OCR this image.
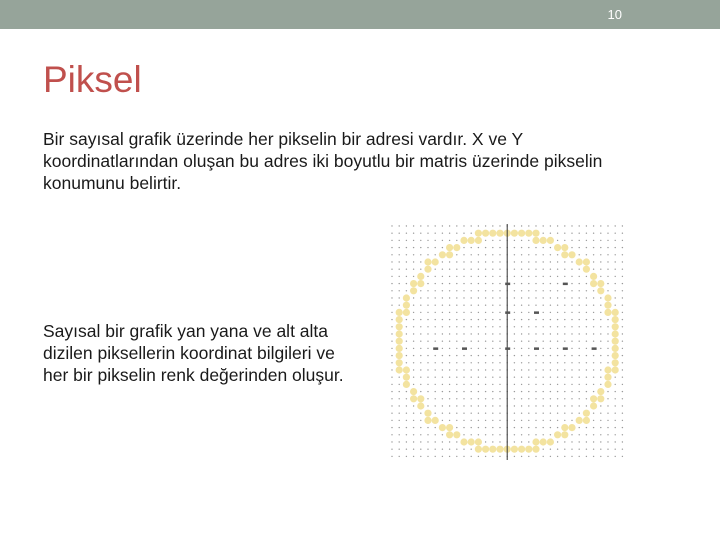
10
Piksel

Bir sayısal grafik üzerinde her pikselin bir adresi vardır. X ve Y koordinatlarından oluşan bu adres iki boyutlu bir matris üzerinde pikselin konumunu belirtir.

Sayısal bir grafik yan yana ve alt alta dizilen piksellerin koordinat bilgileri ve her bir pikselin renk değerinden oluşur.
